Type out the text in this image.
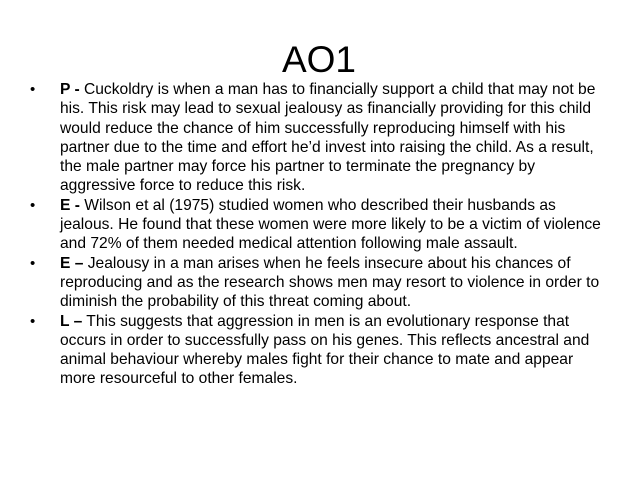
AO1
•	P - Cuckoldry is when a man has to financially support a child that may not be his. This risk may lead to sexual jealousy as financially providing for this child would reduce the chance of him successfully reproducing himself with his partner due to the time and effort he’d invest into raising the child. As a result, the male partner may force his partner to terminate the pregnancy by aggressive force to reduce this risk.
•	E - Wilson et al (1975) studied women who described their husbands as jealous. He found that these women were more likely to be a victim of violence and 72% of them needed medical attention following male assault.
•	E – Jealousy in a man arises when he feels insecure about his chances of reproducing and as the research shows men may resort to violence in order to diminish the probability of this threat coming about.
•	L – This suggests that aggression in men is an evolutionary response that occurs in order to successfully pass on his genes. This reflects ancestral and animal behaviour whereby males fight for their chance to mate and appear more resourceful to other females.
